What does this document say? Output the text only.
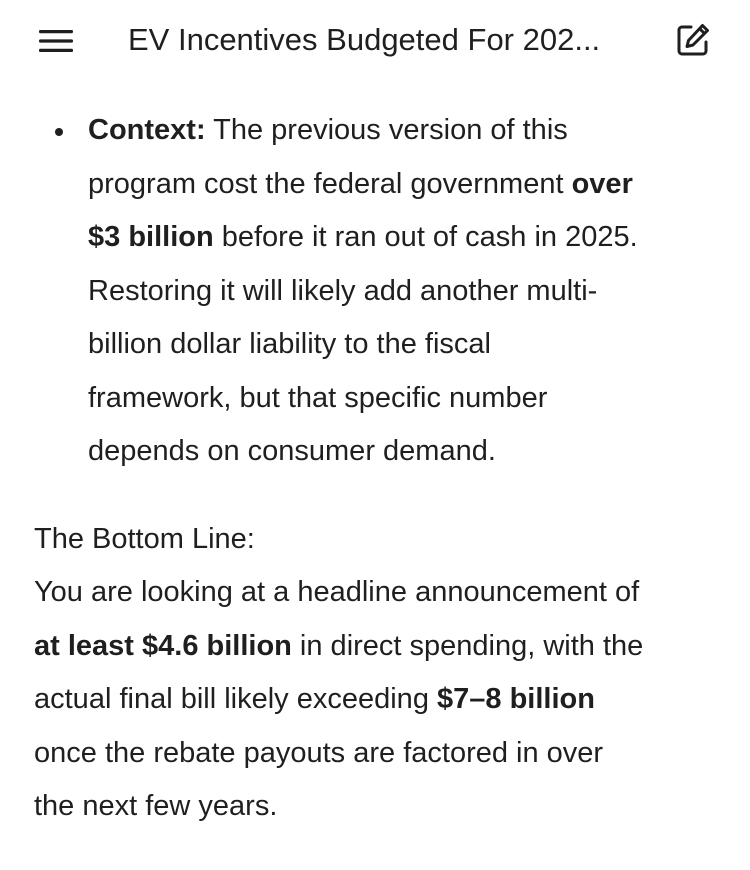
EV Incentives Budgeted For 202...

Context: The previous version of this
program cost the federal government over
$3 billion before it ran out of cash in 2025.
Restoring it will likely add another multi-
billion dollar liability to the fiscal
framework, but that specific number
depends on consumer demand.

The Bottom Line:

You are looking at a headline announcement of
at least $4.6 billion in direct spending, with the
actual final bill likely exceeding $7–8 billion
once the rebate payouts are factored in over
the next few years.
